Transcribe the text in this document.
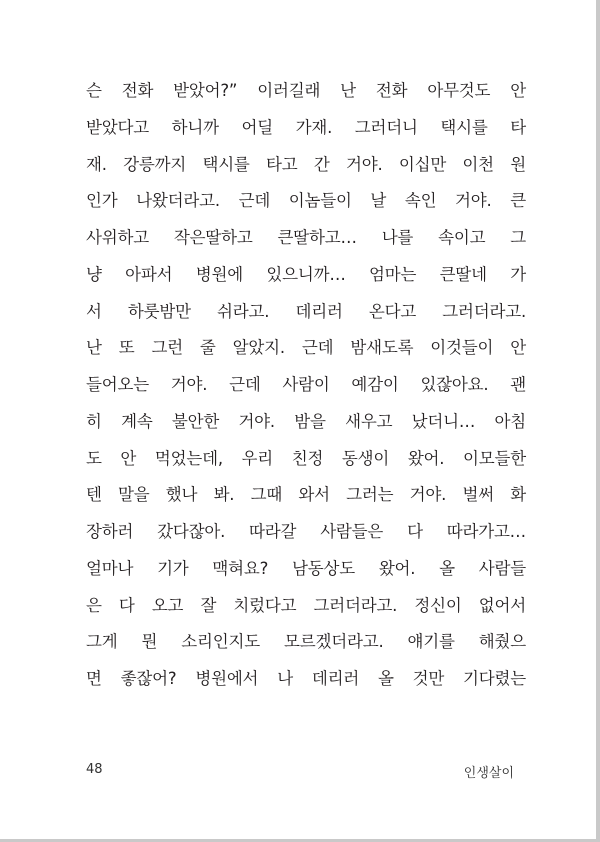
슨 전화 받았어?” 이러길래 난 전화 아무것도 안
받았다고 하니까 어딜 가재. 그러더니 택시를 타
재. 강릉까지 택시를 타고 간 거야. 이십만 이천 원
인가 나왔더라고. 근데 이놈들이 날 속인 거야. 큰
사위하고 작은딸하고 큰딸하고… 나를 속이고 그
냥 아파서 병원에 있으니까… 엄마는 큰딸네 가
서 하룻밤만 쉬라고. 데리러 온다고 그러더라고.
난 또 그런 줄 알았지. 근데 밤새도록 이것들이 안
들어오는 거야. 근데 사람이 예감이 있잖아요. 괜
히 계속 불안한 거야. 밤을 새우고 났더니… 아침
도 안 먹었는데, 우리 친정 동생이 왔어. 이모들한
텐 말을 했나 봐. 그때 와서 그러는 거야. 벌써 화
장하러 갔다잖아. 따라갈 사람들은 다 따라가고…
얼마나 기가 맥혀요? 남동상도 왔어. 올 사람들
은 다 오고 잘 치렀다고 그러더라고. 정신이 없어서
그게 뭔 소리인지도 모르겠더라고. 얘기를 해줬으
면 좋잖어? 병원에서 나 데리러 올 것만 기다렸는
48	인생살이
